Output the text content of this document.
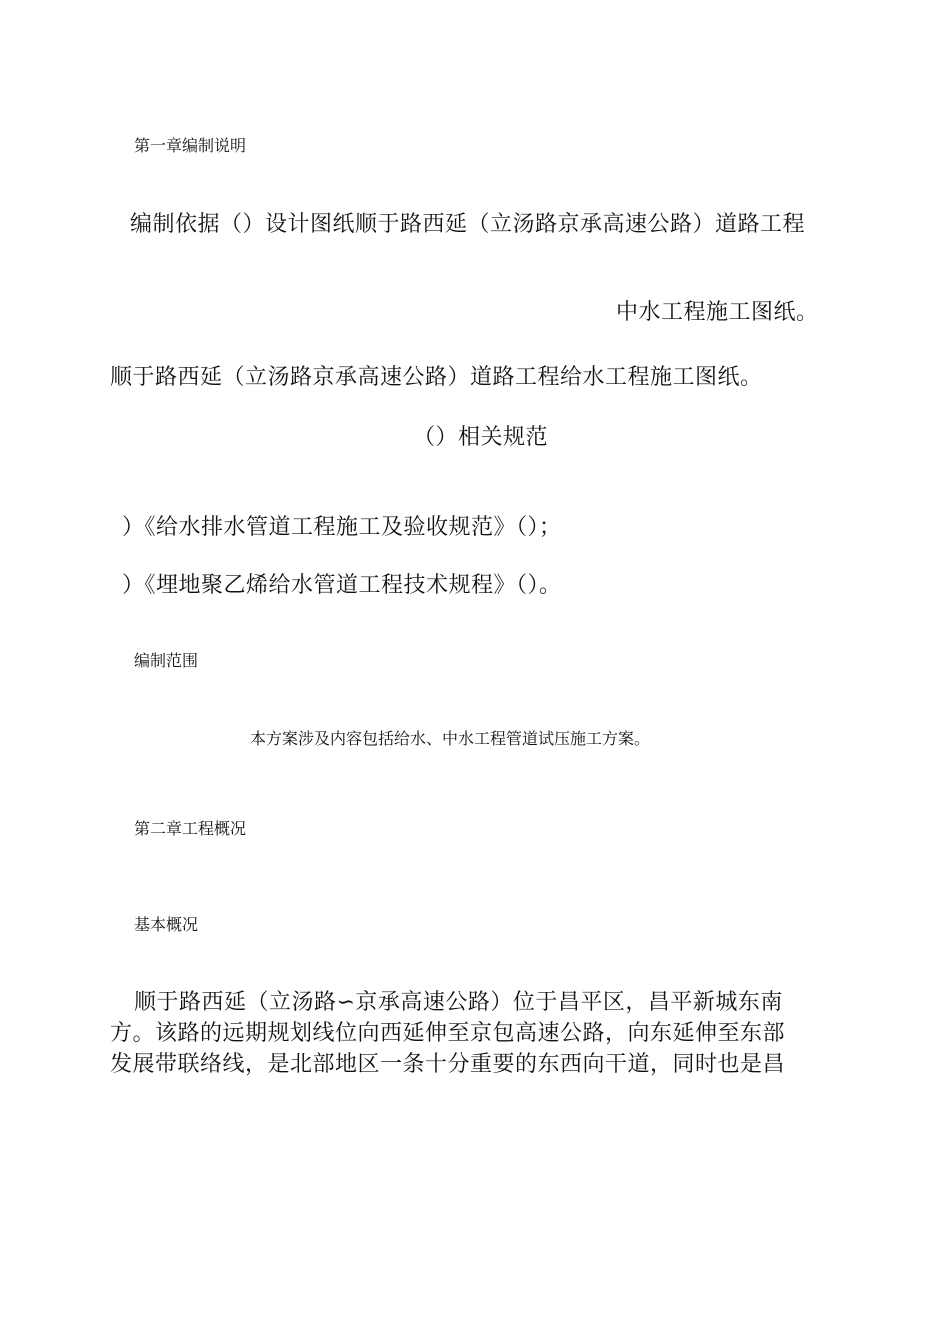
第一章编制说明
编制依据（）设计图纸顺于路西延（立汤路京承高速公路）道路工程
中水工程施工图纸。
顺于路西延（立汤路京承高速公路）道路工程给水工程施工图纸。
（）相关规范
）《给水排水管道工程施工及验收规范》（）；
）《埋地聚乙烯给水管道工程技术规程》（）。
编制范围
本方案涉及内容包括给水、中水工程管道试压施工方案。
第二章工程概况
基本概况
顺于路西延（立汤路∽京承高速公路）位于昌平区，昌平新城东南
方。该路的远期规划线位向西延伸至京包高速公路，向东延伸至东部
发展带联络线，是北部地区一条十分重要的东西向干道，同时也是昌
